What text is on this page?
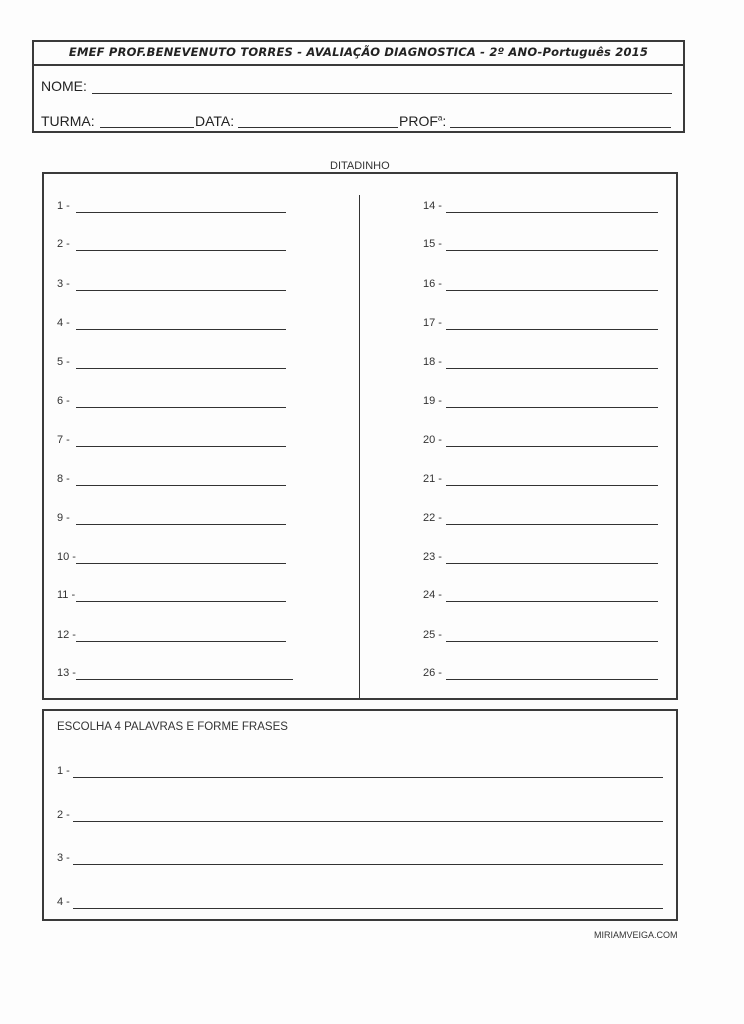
EMEF PROF.BENEVENUTO TORRES - AVALIAÇÃO DIAGNOSTICA - 2º ANO-Português 2015
NOME:
TURMA:	DATA:	PROF$^a$:
DITADINHO
1 -
2 -
3 -
4 -
5 -
6 -
7 -
8 -
9 -
10 -
11 -
12 -
13 -
14 -
15 -
16 -
17 -
18 -
19 -
20 -
21 -
22 -
23 -
24 -
25 -
26 -
ESCOLHA 4 PALAVRAS E FORME FRASES
1 -
2 -
3 -
4 -
MIRIAMVEIGA.COM
